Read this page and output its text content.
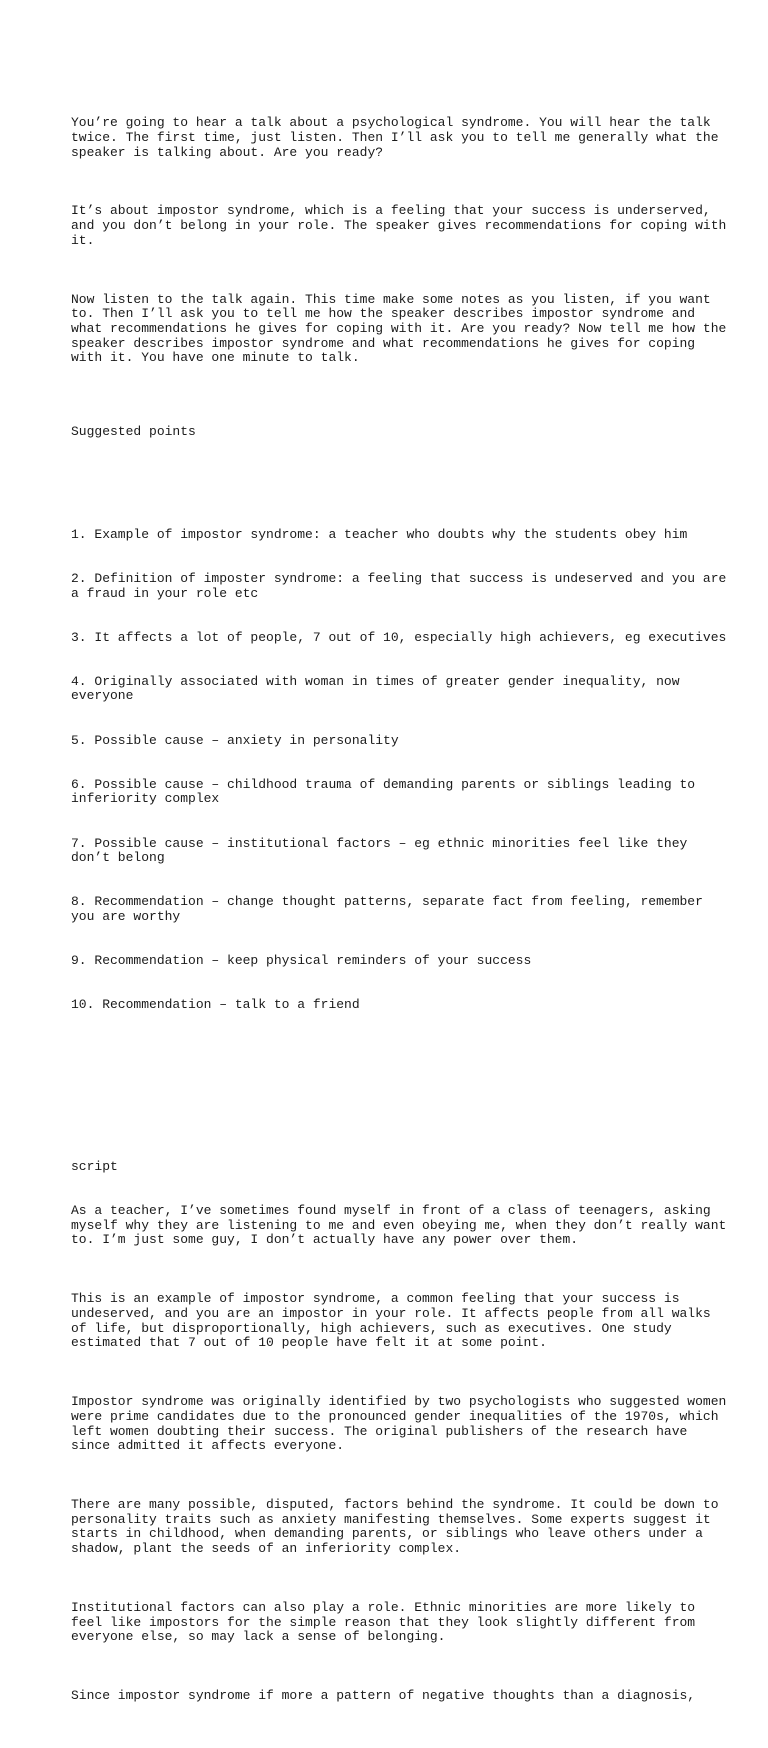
You’re going to hear a talk about a psychological syndrome. You will hear the talk twice. The first time, just listen. Then I’ll ask you to tell me generally what the speaker is talking about. Are you ready?

It’s about impostor syndrome, which is a feeling that your success is underserved, and you don’t belong in your role. The speaker gives recommendations for coping with it.

Now listen to the talk again. This time make some notes as you listen, if you want to. Then I’ll ask you to tell me how the speaker describes impostor syndrome and what recommendations he gives for coping with it. Are you ready? Now tell me how the speaker describes impostor syndrome and what recommendations he gives for coping with it. You have one minute to talk.

Suggested points

1. Example of impostor syndrome: a teacher who doubts why the students obey him

2. Definition of imposter syndrome: a feeling that success is undeserved and you are a fraud in your role etc

3. It affects a lot of people, 7 out of 10, especially high achievers, eg executives

4. Originally associated with woman in times of greater gender inequality, now everyone

5. Possible cause – anxiety in personality

6. Possible cause – childhood trauma of demanding parents or siblings leading to inferiority complex

7. Possible cause – institutional factors – eg ethnic minorities feel like they don’t belong

8. Recommendation – change thought patterns, separate fact from feeling, remember you are worthy

9. Recommendation – keep physical reminders of your success

10. Recommendation – talk to a friend

script

As a teacher, I’ve sometimes found myself in front of a class of teenagers, asking myself why they are listening to me and even obeying me, when they don’t really want to. I’m just some guy, I don’t actually have any power over them.

This is an example of impostor syndrome, a common feeling that your success is undeserved, and you are an impostor in your role. It affects people from all walks of life, but disproportionally, high achievers, such as executives. One study estimated that 7 out of 10 people have felt it at some point.

Impostor syndrome was originally identified by two psychologists who suggested women were prime candidates due to the pronounced gender inequalities of the 1970s, which left women doubting their success. The original publishers of the research have since admitted it affects everyone.

There are many possible, disputed, factors behind the syndrome. It could be down to personality traits such as anxiety manifesting themselves. Some experts suggest it starts in childhood, when demanding parents, or siblings who leave others under a shadow, plant the seeds of an inferiority complex.

Institutional factors can also play a role. Ethnic minorities are more likely to feel like impostors for the simple reason that they look slightly different from everyone else, so may lack a sense of belonging.

Since impostor syndrome if more a pattern of negative thoughts than a diagnosis,
